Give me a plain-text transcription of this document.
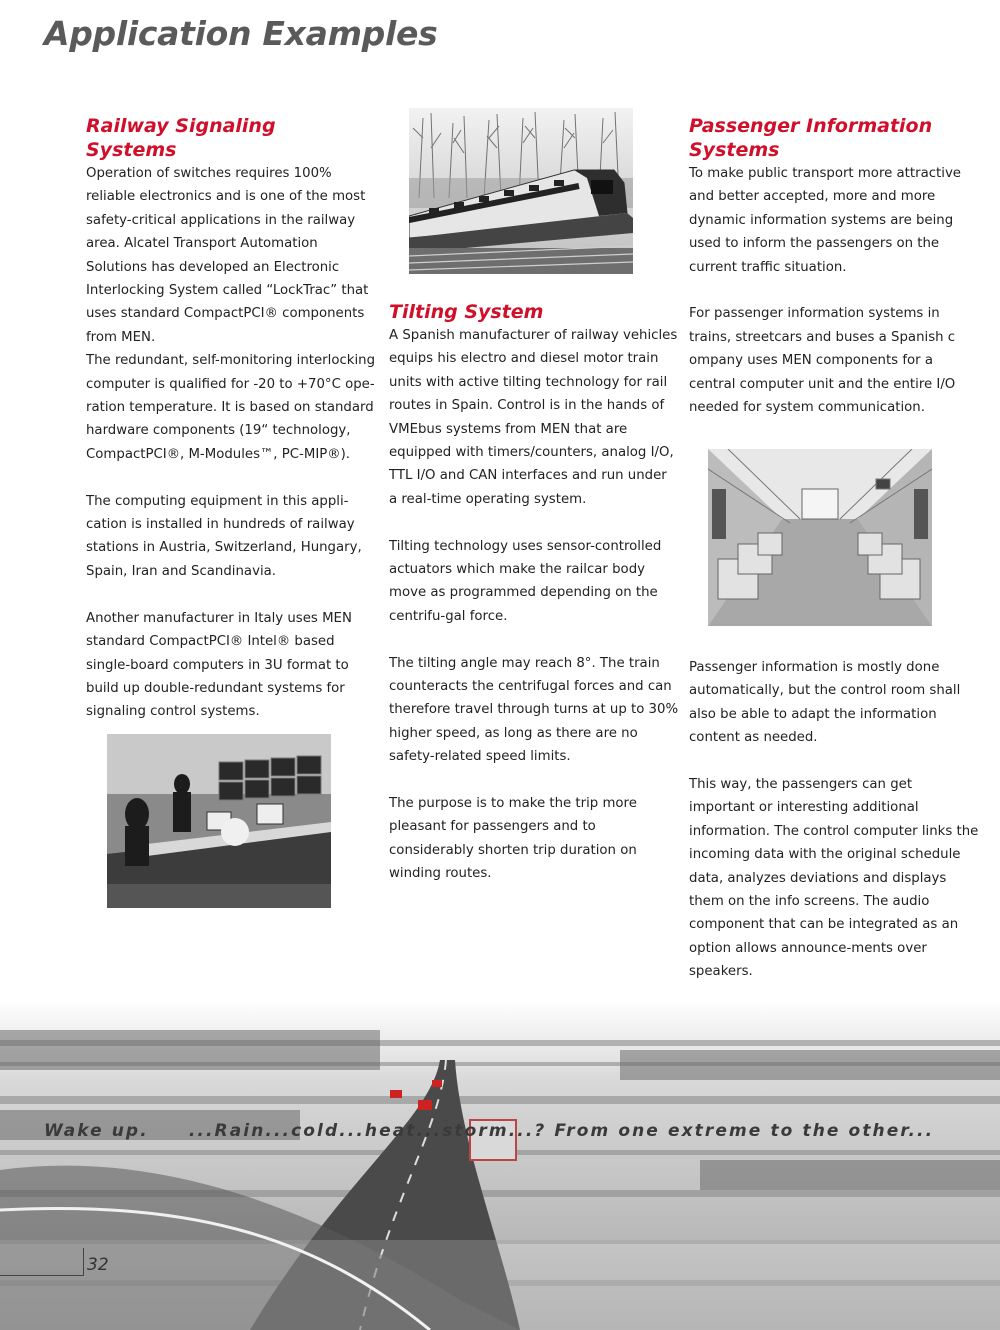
Application Examples
Railway Signaling
Systems

Operation of switches requires 100% reliable electronics and is one of the most safety-critical applications in the railway area. Alcatel Transport Automation Solutions has developed an Electronic Interlocking System called “LockTrac” that uses standard CompactPCI® components from MEN.

The redundant, self-monitoring interlocking computer is qualified for -20 to +70°C ope-ration temperature. It is based on standard hardware components (19“ technology, CompactPCI®, M-Modules™, PC-MIP®).

The computing equipment in this appli-cation is installed in hundreds of railway stations in Austria, Switzerland, Hungary, Spain, Iran and Scandinavia.

Another manufacturer in Italy uses MEN standard CompactPCI® Intel® based single-board computers in 3U format to build up double-redundant systems for signaling control systems.

Tilting System

A Spanish manufacturer of railway vehicles equips his electro and diesel motor train units with active tilting technology for rail routes in Spain. Control is in the hands of VMEbus systems from MEN that are equipped with timers/counters, analog I/O, TTL I/O and CAN interfaces and run under a real-time operating system.

Tilting technology uses sensor-controlled actuators which make the railcar body move as programmed depending on the centrifu-gal force.

The tilting angle may reach 8°. The train counteracts the centrifugal forces and can therefore travel through turns at up to 30% higher speed, as long as there are no safety-related speed limits.

The purpose is to make the trip more pleasant for passengers and to considerably shorten trip duration on winding routes.

Passenger Information
Systems

To make public transport more attractive and better accepted, more and more dynamic information systems are being used to inform the passengers on the current traffic situation.

For passenger information systems in trains, streetcars and buses a Spanish c ompany uses MEN components for a central computer unit and the entire I/O needed for system communication.

Passenger information is mostly done automatically, but the control room shall also be able to adapt the information content as needed.

This way, the passengers can get important or interesting additional information. The control computer links the incoming data with the original schedule data, analyzes deviations and displays them on the info screens. The audio component that can be integrated as an option allows announce-ments over speakers.

Wake up.     ...Rain...cold...heat...storm...? From one extreme to the other...
32
